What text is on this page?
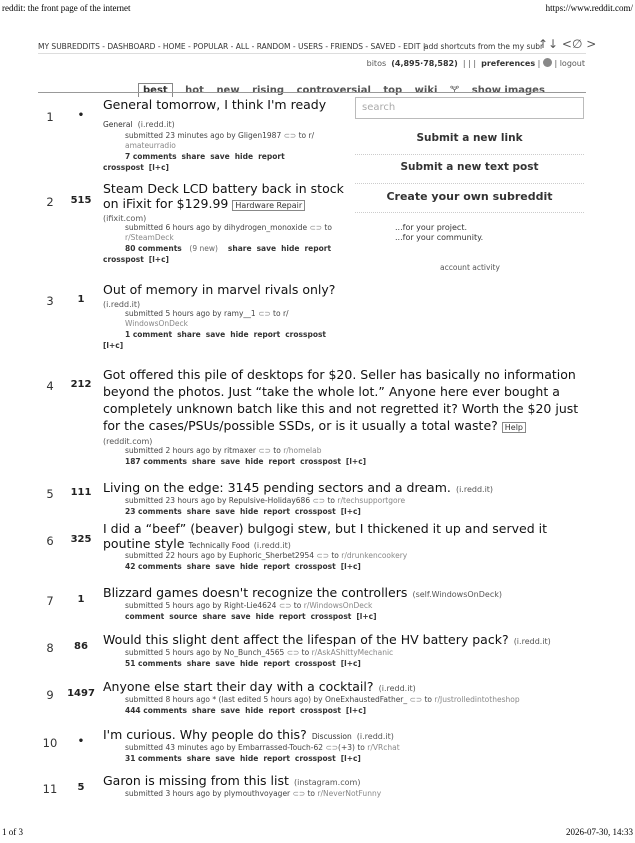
reddit: the front page of the internet	https://www.reddit.com/
MY SUBREDDITS - DASHBOARD - HOME - POPULAR - ALL - RANDOM - USERS - FRIENDS - SAVED - EDIT |
add shortcuts from the my subr
↑↓ <∅ >
bitos (4,895·78,582) | | | preferences | | logout
best hot new rising controversial top wiki 🝖 show images
search
Submit a new link
Submit a new text post
Create your own subreddit
...for your project.
...for your community.
account activity
1	•
General tomorrow, I think I'm ready
General (i.redd.it)
submitted 23 minutes ago by Gligen1987 ⊂⊃ to r/
amateurradio
7 comments share save hide report
crosspost [l+c]
2	515
Steam Deck LCD battery back in stock
on iFixit for $129.99 Hardware Repair
(ifixit.com)
submitted 6 hours ago by dihydrogen_monoxide ⊂⊃ to
r/SteamDeck
80 comments (9 new) share save hide report
crosspost [l+c]
3	1
Out of memory in marvel rivals only?
(i.redd.it)
submitted 5 hours ago by ramy__1 ⊂⊃ to r/
WindowsOnDeck
1 comment share save hide report crosspost
[l+c]
4	212
Got offered this pile of desktops for $20. Seller has basically no information
beyond the photos. Just “take the whole lot.” Anyone here ever bought a
completely unknown batch like this and not regretted it? Worth the $20 just
for the cases/PSUs/possible SSDs, or is it usually a total waste? Help
(reddit.com)
submitted 2 hours ago by ritmaxer ⊂⊃ to r/homelab
187 comments share save hide report crosspost [l+c]
5	111 Living on the edge: 3145 pending sectors and a dream. (i.redd.it)
submitted 23 hours ago by Repulsive-Holiday686 ⊂⊃ to r/techsupportgore
23 comments share save hide report crosspost [l+c]
6	325
I did a “beef” (beaver) bulgogi stew, but I thickened it up and served it
poutine style Technically Food (i.redd.it)
submitted 22 hours ago by Euphoric_Sherbet2954 ⊂⊃ to r/drunkencookery
42 comments share save hide report crosspost [l+c]
7	1	Blizzard games doesn't recognize the controllers (self.WindowsOnDeck)
submitted 5 hours ago by Right-Lie4624 ⊂⊃ to r/WindowsOnDeck
comment source share save hide report crosspost [l+c]
8	86	Would this slight dent affect the lifespan of the HV battery pack? (i.redd.it)
submitted 5 hours ago by No_Bunch_4565 ⊂⊃ to r/AskAShittyMechanic
51 comments share save hide report crosspost [l+c]
9	1497 Anyone else start their day with a cocktail? (i.redd.it)
submitted 8 hours ago * (last edited 5 hours ago) by OneExhaustedFather_ ⊂⊃ to r/Justrolledintotheshop
444 comments share save hide report crosspost [l+c]
10	•	I'm curious. Why people do this? Discussion (i.redd.it)
submitted 43 minutes ago by Embarrassed-Touch-62 ⊂⊃(+3) to r/VRchat
31 comments share save hide report crosspost [l+c]
11	5	Garon is missing from this list (instagram.com)
submitted 3 hours ago by plymouthvoyager ⊂⊃ to r/NeverNotFunny
1 of 3	2026-07-30, 14:33
